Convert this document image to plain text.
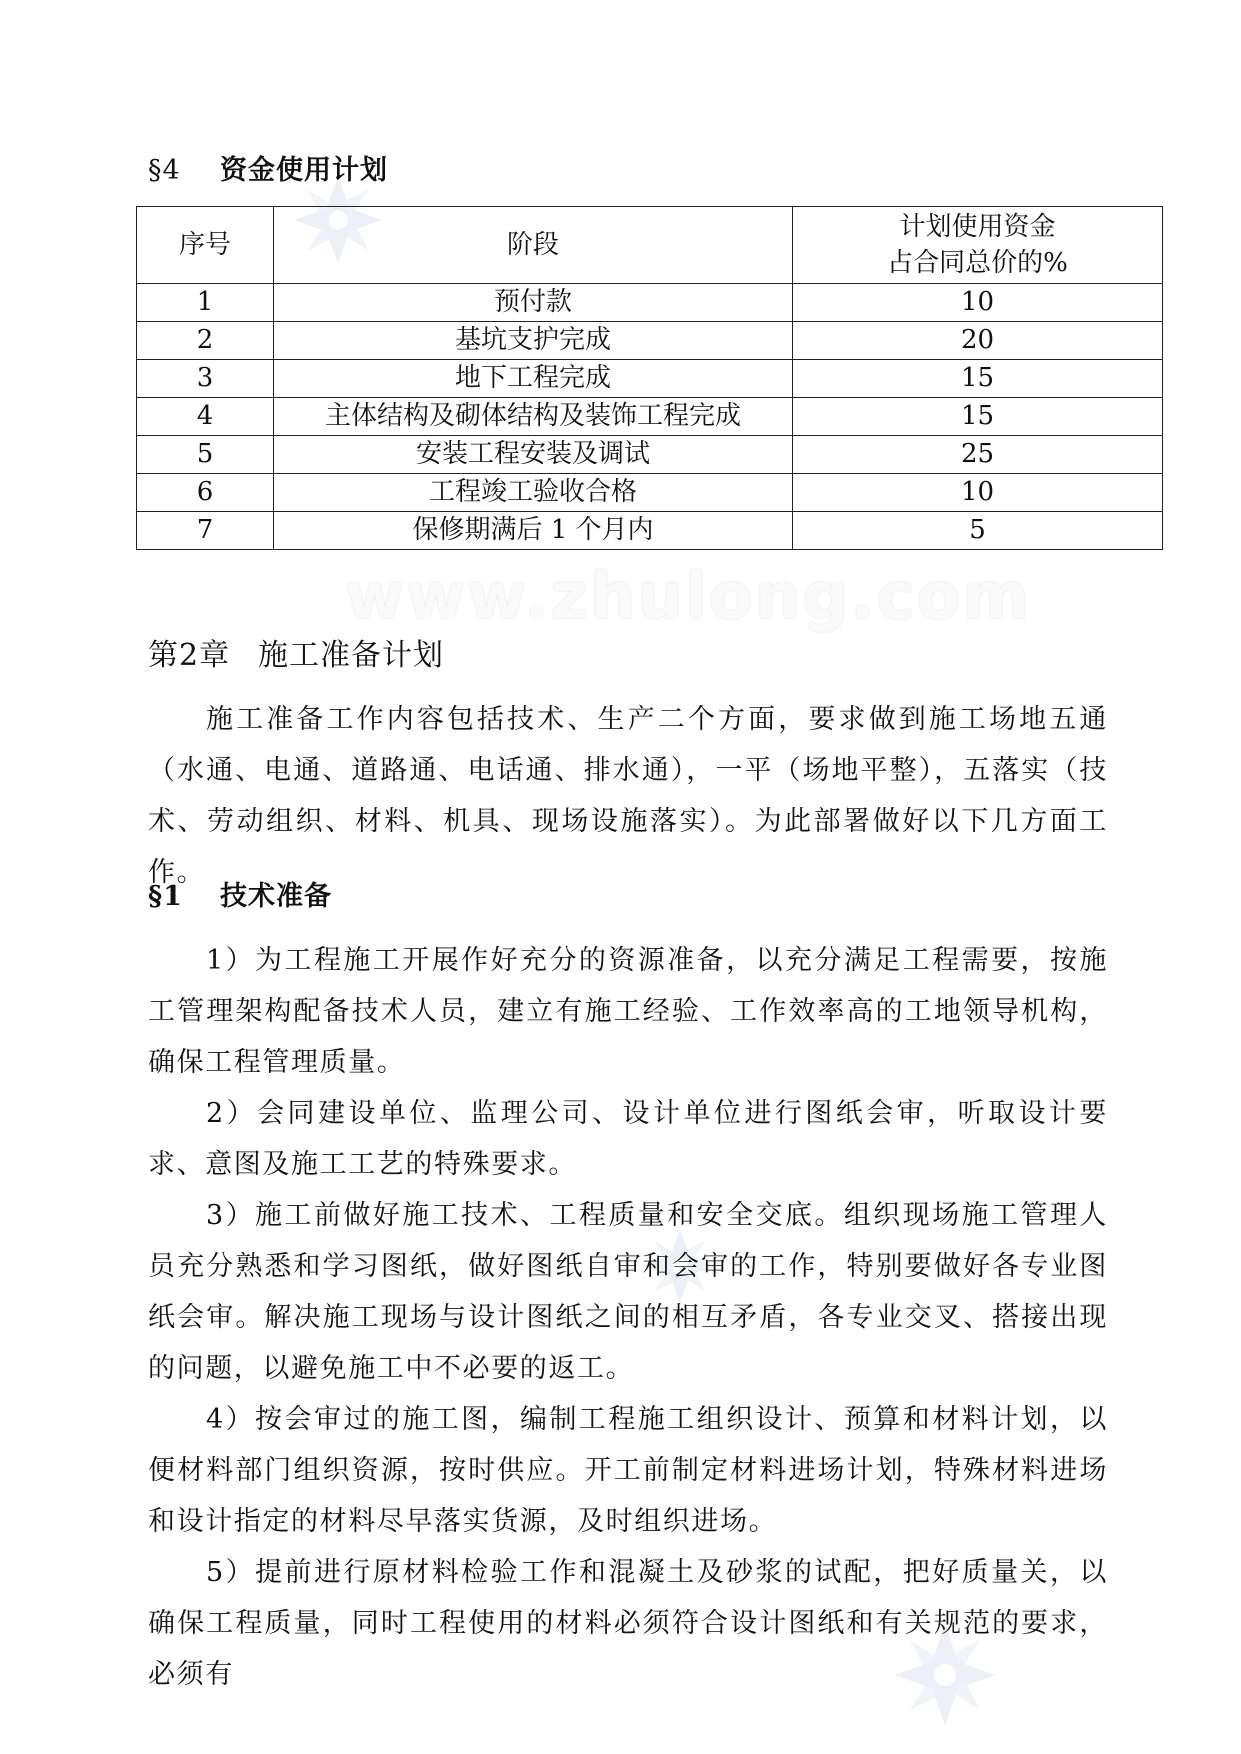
www.zhulong.com
§4 资金使用计划
序号	阶段	计划使用资金
占合同总价的%

1	预付款	10
2	基坑支护完成	20
3	地下工程完成	15
4	主体结构及砌体结构及装饰工程完成	15
5	安装工程安装及调试	25
6	工程竣工验收合格	10
7	保修期满后 1 个月内	5
第2章 施工准备计划
施工准备工作内容包括技术、生产二个方面，要求做到施工场地五通（水通、电通、道路通、电话通、排水通），一平（场地平整），五落实（技术、劳动组织、材料、机具、现场设施落实）。为此部署做好以下几方面工作。
§1 技术准备
1）为工程施工开展作好充分的资源准备，以充分满足工程需要，按施工管理架构配备技术人员，建立有施工经验、工作效率高的工地领导机构，确保工程管理质量。
2）会同建设单位、监理公司、设计单位进行图纸会审，听取设计要求、意图及施工工艺的特殊要求。
3）施工前做好施工技术、工程质量和安全交底。组织现场施工管理人员充分熟悉和学习图纸，做好图纸自审和会审的工作，特别要做好各专业图纸会审。解决施工现场与设计图纸之间的相互矛盾，各专业交叉、搭接出现的问题，以避免施工中不必要的返工。
4）按会审过的施工图，编制工程施工组织设计、预算和材料计划，以便材料部门组织资源，按时供应。开工前制定材料进场计划，特殊材料进场和设计指定的材料尽早落实货源，及时组织进场。
5）提前进行原材料检验工作和混凝土及砂浆的试配，把好质量关，以确保工程质量，同时工程使用的材料必须符合设计图纸和有关规范的要求，必须有
